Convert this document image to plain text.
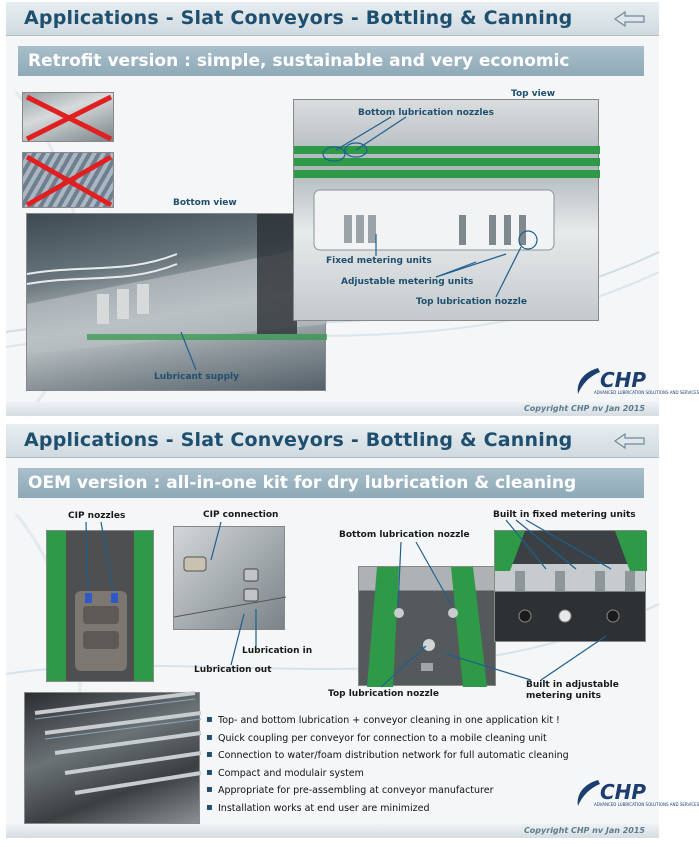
Applications - Slat Conveyors - Bottling & Canning
Retrofit version : simple, sustainable and very economic
Bottom view
Top view
Bottom lubrication nozzles
Fixed metering units
Adjustable metering units
Top lubrication nozzle
Lubricant supply	CHP
ADVANCED LUBRICATION SOLUTIONS AND SERVICES
Copyright CHP nv Jan 2015
Applications - Slat Conveyors - Bottling & Canning
OEM version : all-in-one kit for dry lubrication & cleaning
CIP nozzles	CIP connection
Lubrication in
Lubrication out
Bottom lubrication nozzle
Built in fixed metering units
Top lubrication nozzle
Built in adjustable
metering units
▪ Top- and bottom lubrication + conveyor cleaning in one application kit !
▪ Quick coupling per conveyor for connection to a mobile cleaning unit
▪ Connection to water/foam distribution network for full automatic cleaning
▪ Compact and modulair system
▪ Appropriate for pre-assembling at conveyor manufacturer
▪ Installation works at end user are minimized
CHP
ADVANCED LUBRICATION SOLUTIONS AND SERVICES
Copyright CHP nv Jan 2015
